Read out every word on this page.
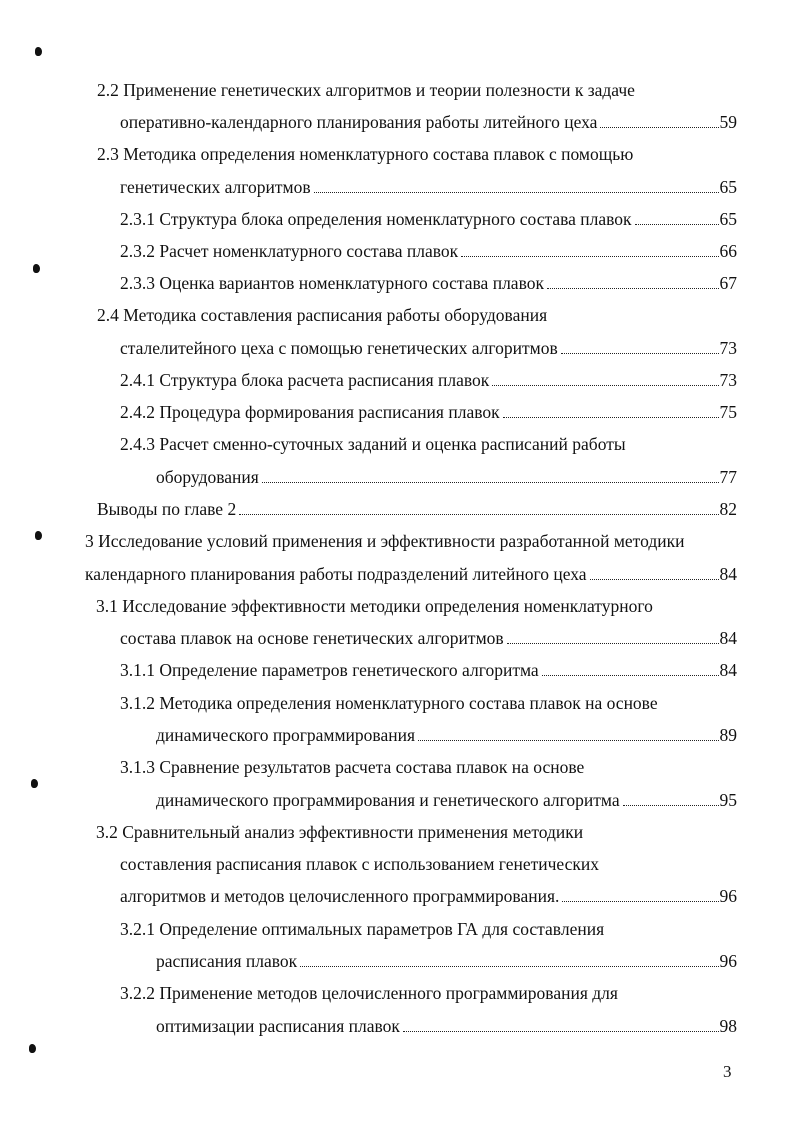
2.2 Применение генетических алгоритмов и теории полезности к задаче
оперативно-календарного планирования работы литейного цеха	59
2.3 Методика определения номенклатурного состава плавок с помощью
генетических алгоритмов	65
2.3.1 Структура блока определения номенклатурного состава плавок	65
2.3.2 Расчет номенклатурного состава плавок	66
2.3.3 Оценка вариантов номенклатурного состава плавок	67
2.4 Методика составления расписания работы оборудования
сталелитейного цеха с помощью генетических алгоритмов	73
2.4.1 Структура блока расчета расписания плавок	73
2.4.2 Процедура формирования расписания плавок	75
2.4.3 Расчет сменно-суточных заданий и оценка расписаний работы
оборудования	77
Выводы по главе 2	82
3 Исследование условий применения и эффективности разработанной методики
календарного планирования работы подразделений литейного цеха	84
3.1 Исследование эффективности методики определения номенклатурного
состава плавок на основе генетических алгоритмов	84
3.1.1 Определение параметров генетического алгоритма	84
3.1.2 Методика определения номенклатурного состава плавок на основе
динамического программирования	89
3.1.3 Сравнение результатов расчета состава плавок на основе
динамического программирования и генетического алгоритма	95
3.2 Сравнительный анализ эффективности применения методики
составления расписания плавок с использованием генетических
алгоритмов и методов целочисленного программирования.	96
3.2.1 Определение оптимальных параметров ГА для составления
расписания плавок	96
3.2.2 Применение методов целочисленного программирования для
оптимизации расписания плавок	98
3
